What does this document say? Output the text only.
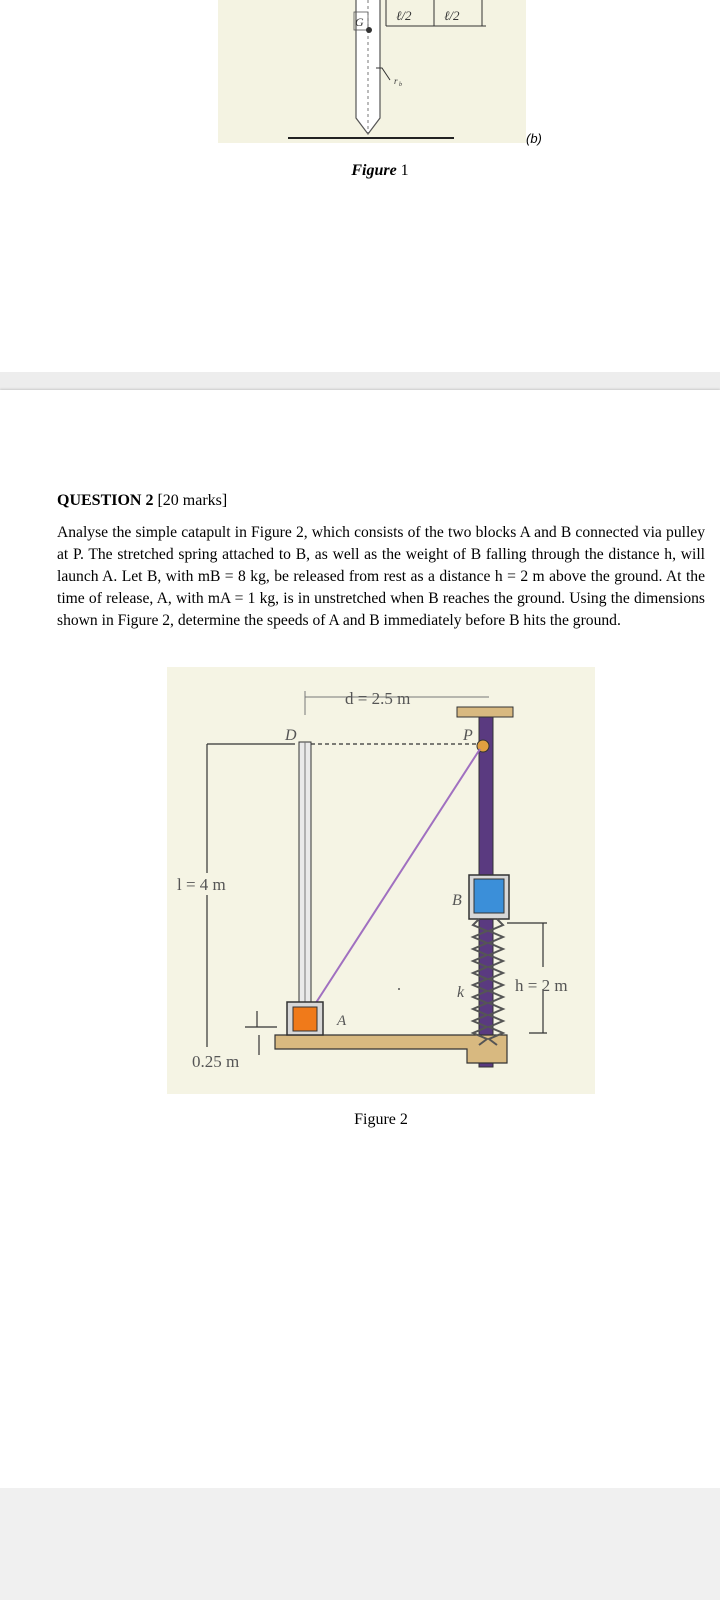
ℓ/2 ℓ/2
G
r b
(b)
Figure 1
QUESTION 2 [20 marks]
Analyse the simple catapult in Figure 2, which consists of the two blocks A and B connected via pulley at P. The stretched spring attached to B, as well as the weight of B falling through the distance h, will launch A. Let B, with mB = 8 kg, be released from rest as a distance h = 2 m above the ground. At the time of release, A, with mA = 1 kg, is in unstretched when B reaches the ground. Using the dimensions shown in Figure 2, determine the speeds of A and B immediately before B hits the ground.
d = 2.5 m
D	P
l = 4 m
0.25 m
A
B
k	h = 2 m
Figure 2
